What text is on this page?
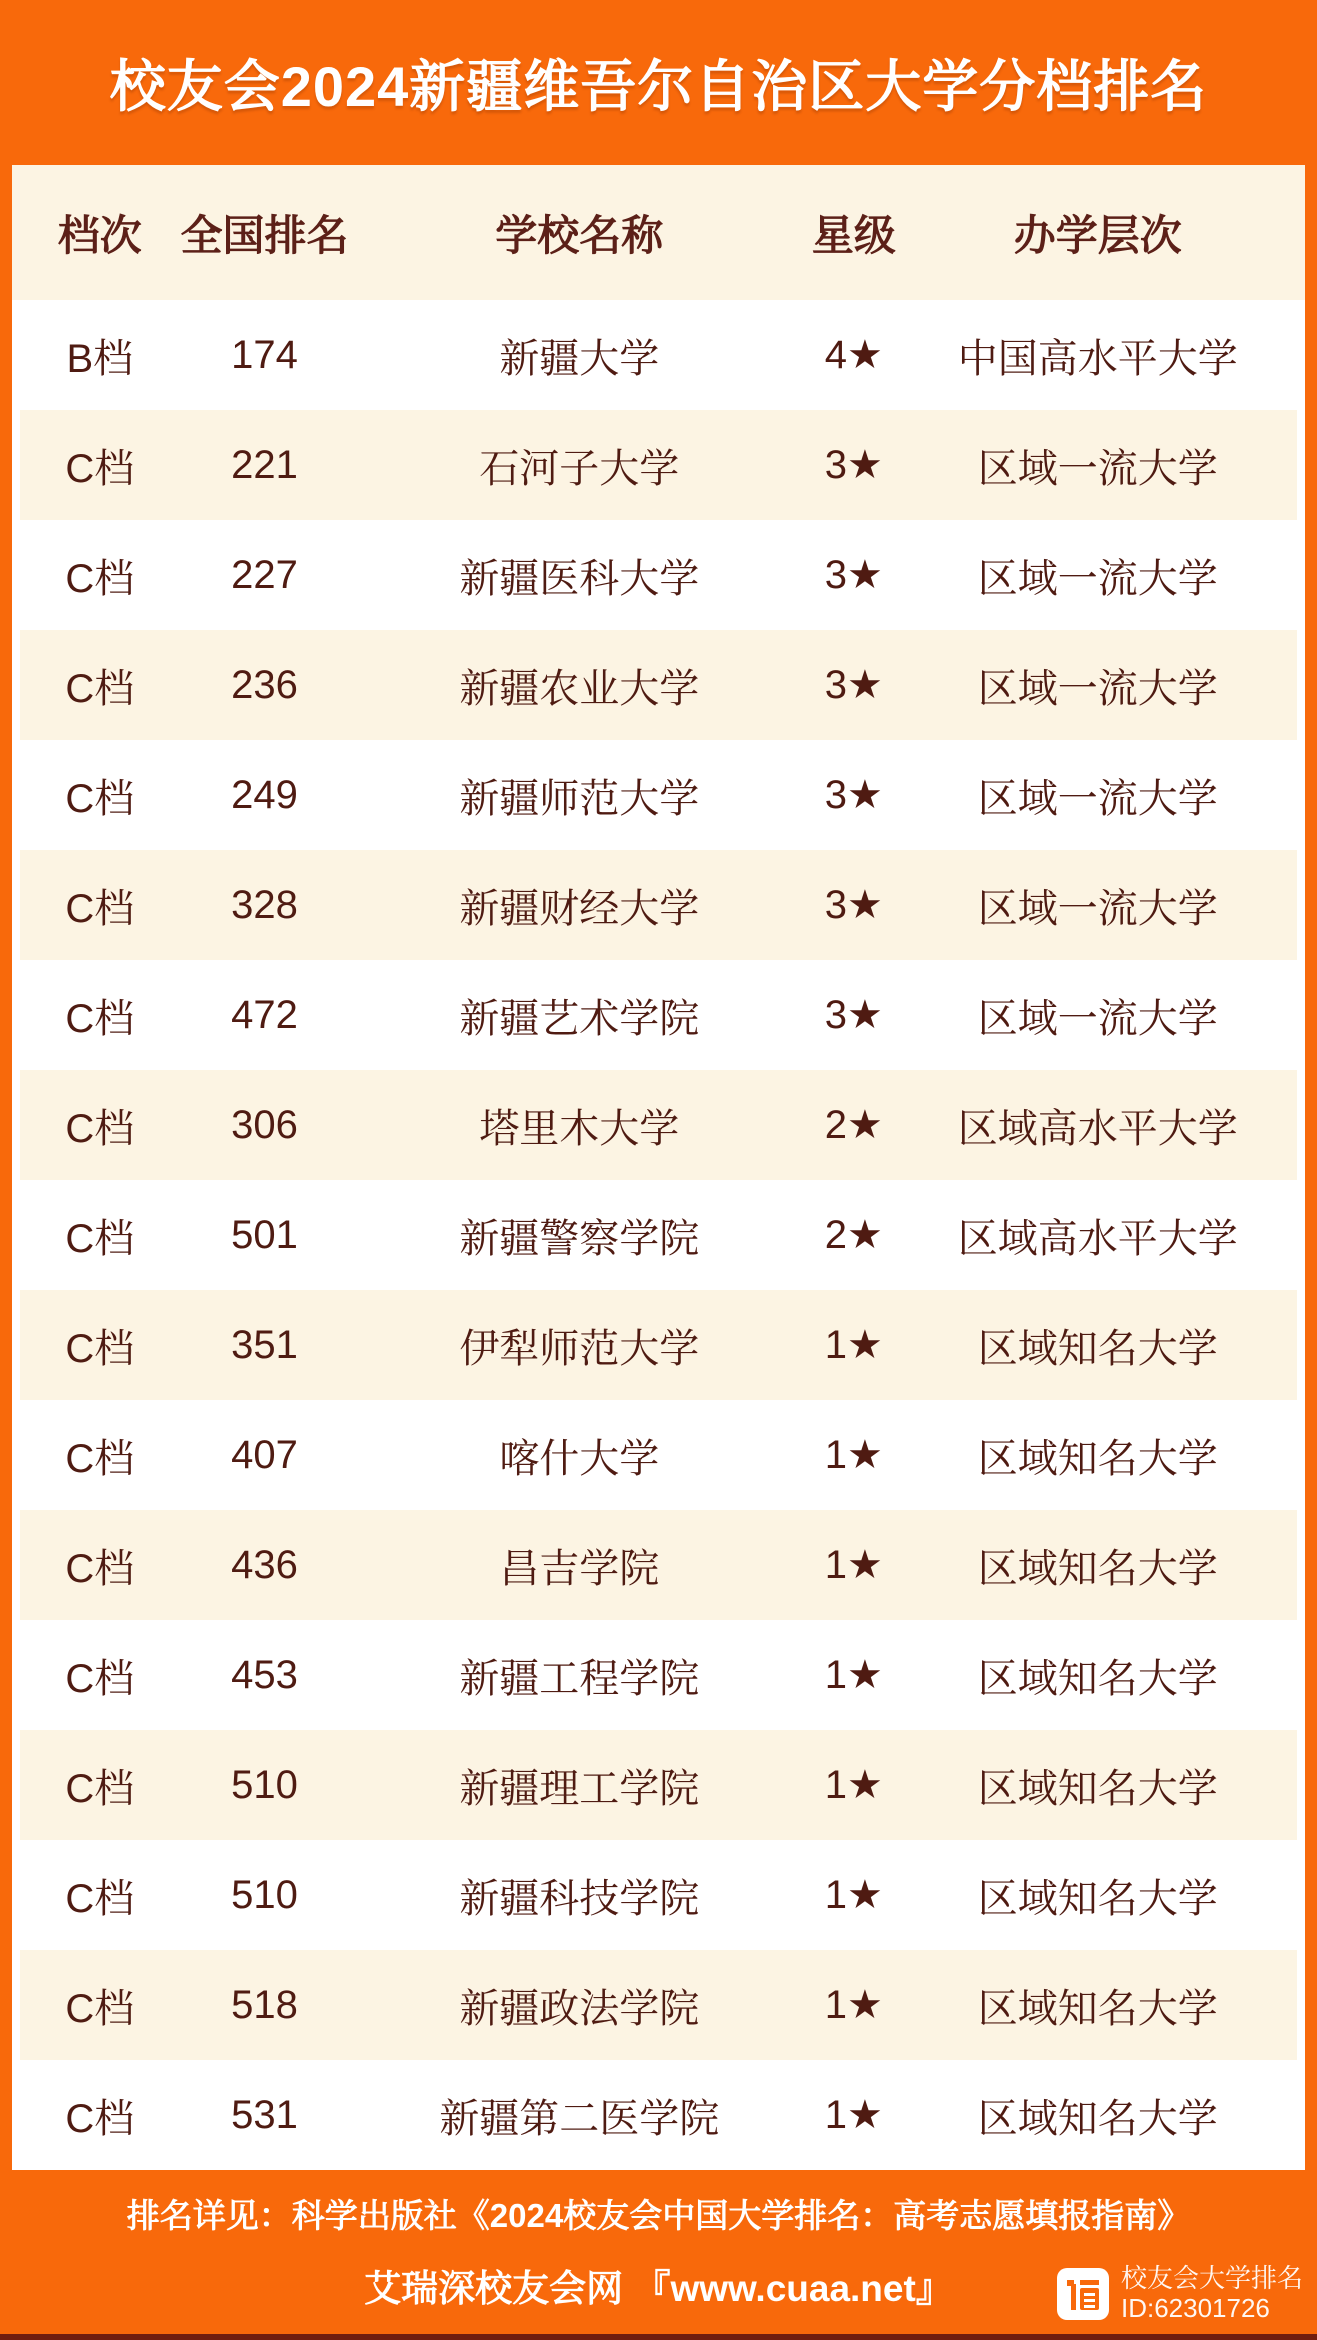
校友会2024新疆维吾尔自治区大学分档排名
档次 全国排名	学校名称	星级	办学层次
B档	174	新疆大学	4★	中国高水平大学
C档	221	石河子大学	3★	区域一流大学
C档	227	新疆医科大学	3★	区域一流大学
C档	236	新疆农业大学	3★	区域一流大学
C档	249	新疆师范大学	3★	区域一流大学
C档	328	新疆财经大学	3★	区域一流大学
C档	472	新疆艺术学院	3★	区域一流大学
C档	306	塔里木大学	2★	区域高水平大学
C档	501	新疆警察学院	2★	区域高水平大学
C档	351	伊犁师范大学	1★	区域知名大学
C档	407	喀什大学	1★	区域知名大学
C档	436	昌吉学院	1★	区域知名大学
C档	453	新疆工程学院	1★	区域知名大学
C档	510	新疆理工学院	1★	区域知名大学
C档	510	新疆科技学院	1★	区域知名大学
C档	518	新疆政法学院	1★	区域知名大学
C档	531	新疆第二医学院	1★	区域知名大学

排名详见：科学出版社《2024校友会中国大学排名：高考志愿填报指南》

艾瑞深校友会网 『www.cuaa.net』	校友会大学排名
ID:62301726
